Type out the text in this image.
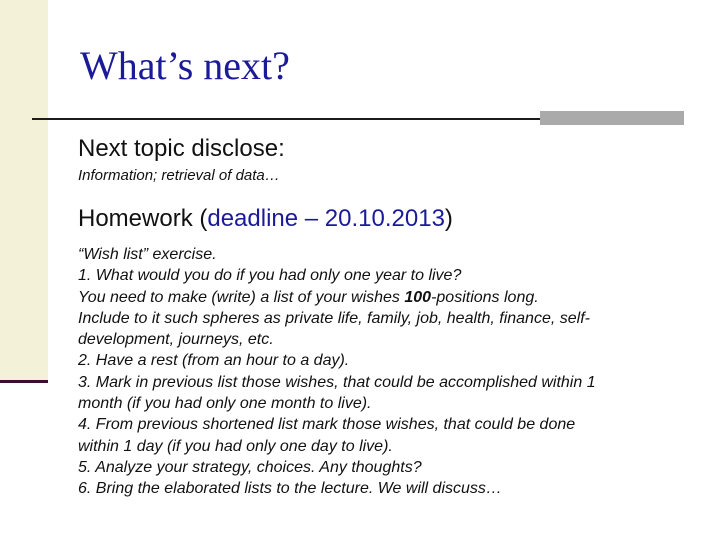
What’s next?

Next topic disclose:

Information; retrieval of data…

Homework (deadline – 20.10.2013)

“Wish list” exercise.
1. What would you do if you had only one year to live?
You need to make (write) a list of your wishes 100-positions long.
Include to it such spheres as private life, family, job, health, finance, self-
development, journeys, etc.
2. Have a rest (from an hour to a day).
3. Mark in previous list those wishes, that could be accomplished within 1
month (if you had only one month to live).
4. From previous shortened list mark those wishes, that could be done
within 1 day (if you had only one day to live).
5. Analyze your strategy, choices. Any thoughts?
6. Bring the elaborated lists to the lecture. We will discuss…
